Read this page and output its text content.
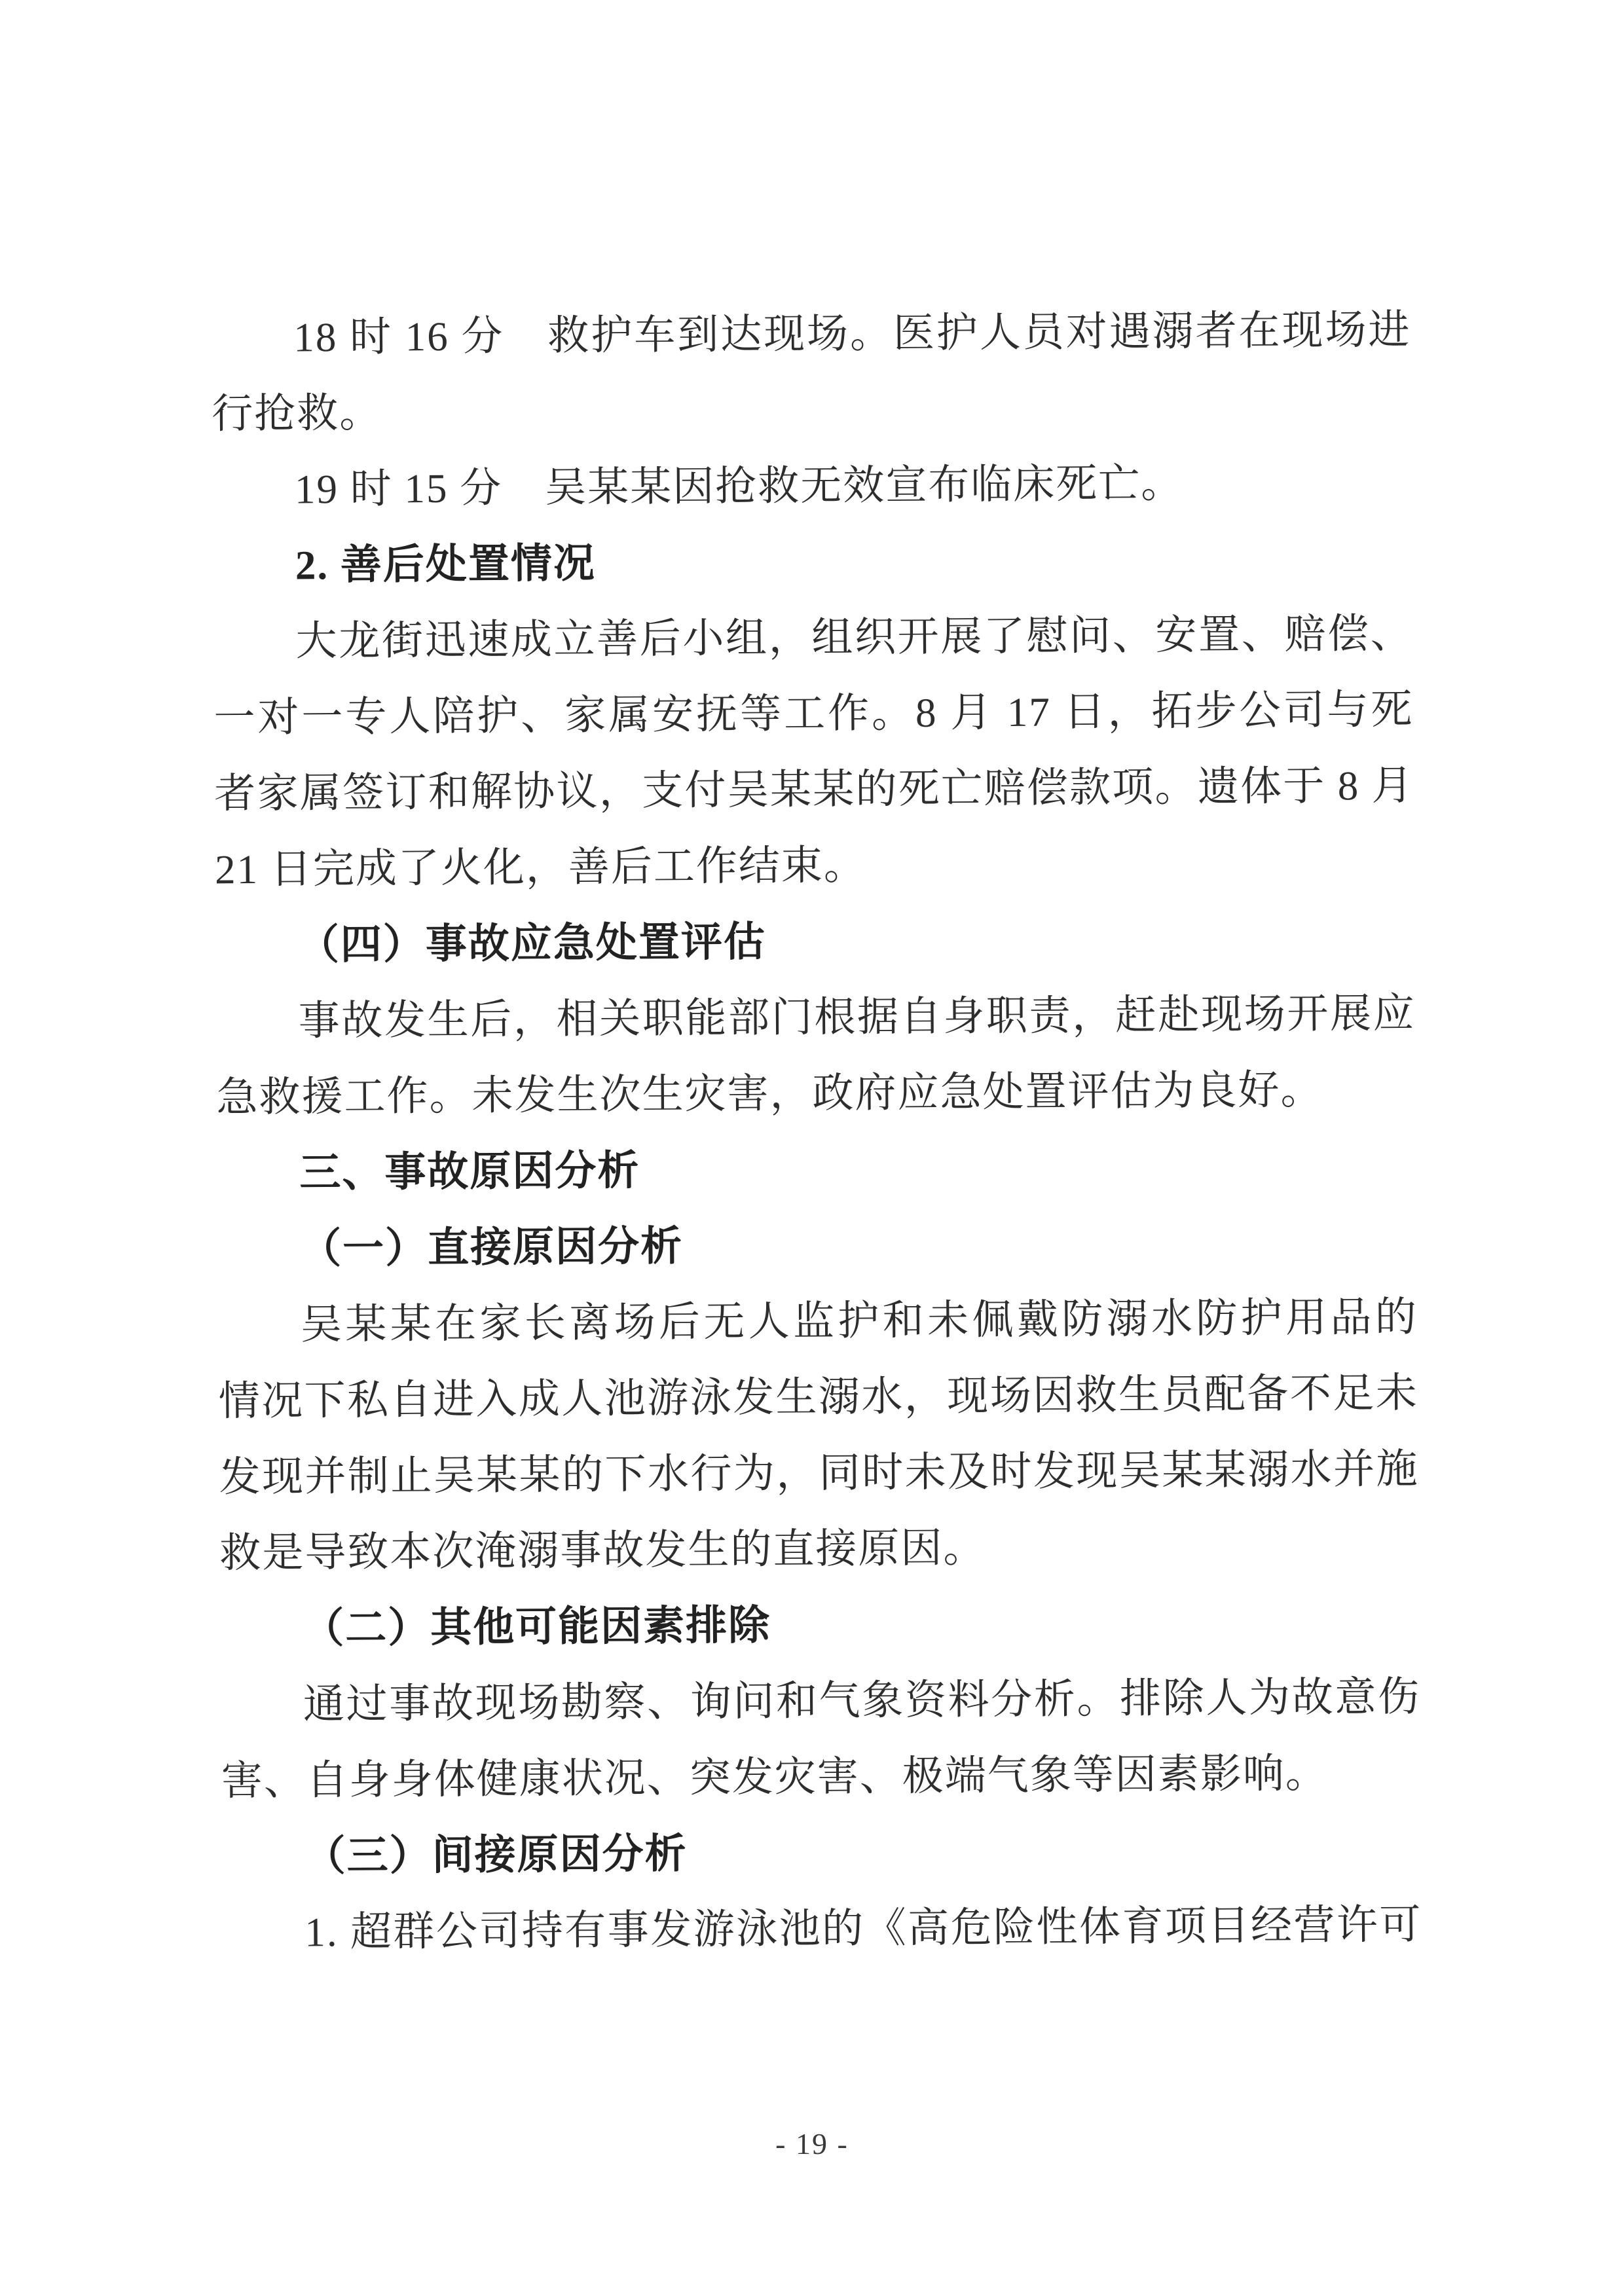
18 时 16 分　救护车到达现场。医护人员对遇溺者在现场进
行抢救。
19 时 15 分　吴某某因抢救无效宣布临床死亡。
2. 善后处置情况
大龙街迅速成立善后小组，组织开展了慰问、安置、赔偿、
一对一专人陪护、家属安抚等工作。8 月 17 日，拓步公司与死
者家属签订和解协议，支付吴某某的死亡赔偿款项。遗体于 8 月
21 日完成了火化，善后工作结束。
（四）事故应急处置评估
事故发生后，相关职能部门根据自身职责，赶赴现场开展应
急救援工作。未发生次生灾害，政府应急处置评估为良好。
三、事故原因分析
（一）直接原因分析
吴某某在家长离场后无人监护和未佩戴防溺水防护用品的
情况下私自进入成人池游泳发生溺水，现场因救生员配备不足未
发现并制止吴某某的下水行为，同时未及时发现吴某某溺水并施
救是导致本次淹溺事故发生的直接原因。
（二）其他可能因素排除
通过事故现场勘察、询问和气象资料分析。排除人为故意伤
害、自身身体健康状况、突发灾害、极端气象等因素影响。
（三）间接原因分析
1. 超群公司持有事发游泳池的《高危险性体育项目经营许可
- 19 -
